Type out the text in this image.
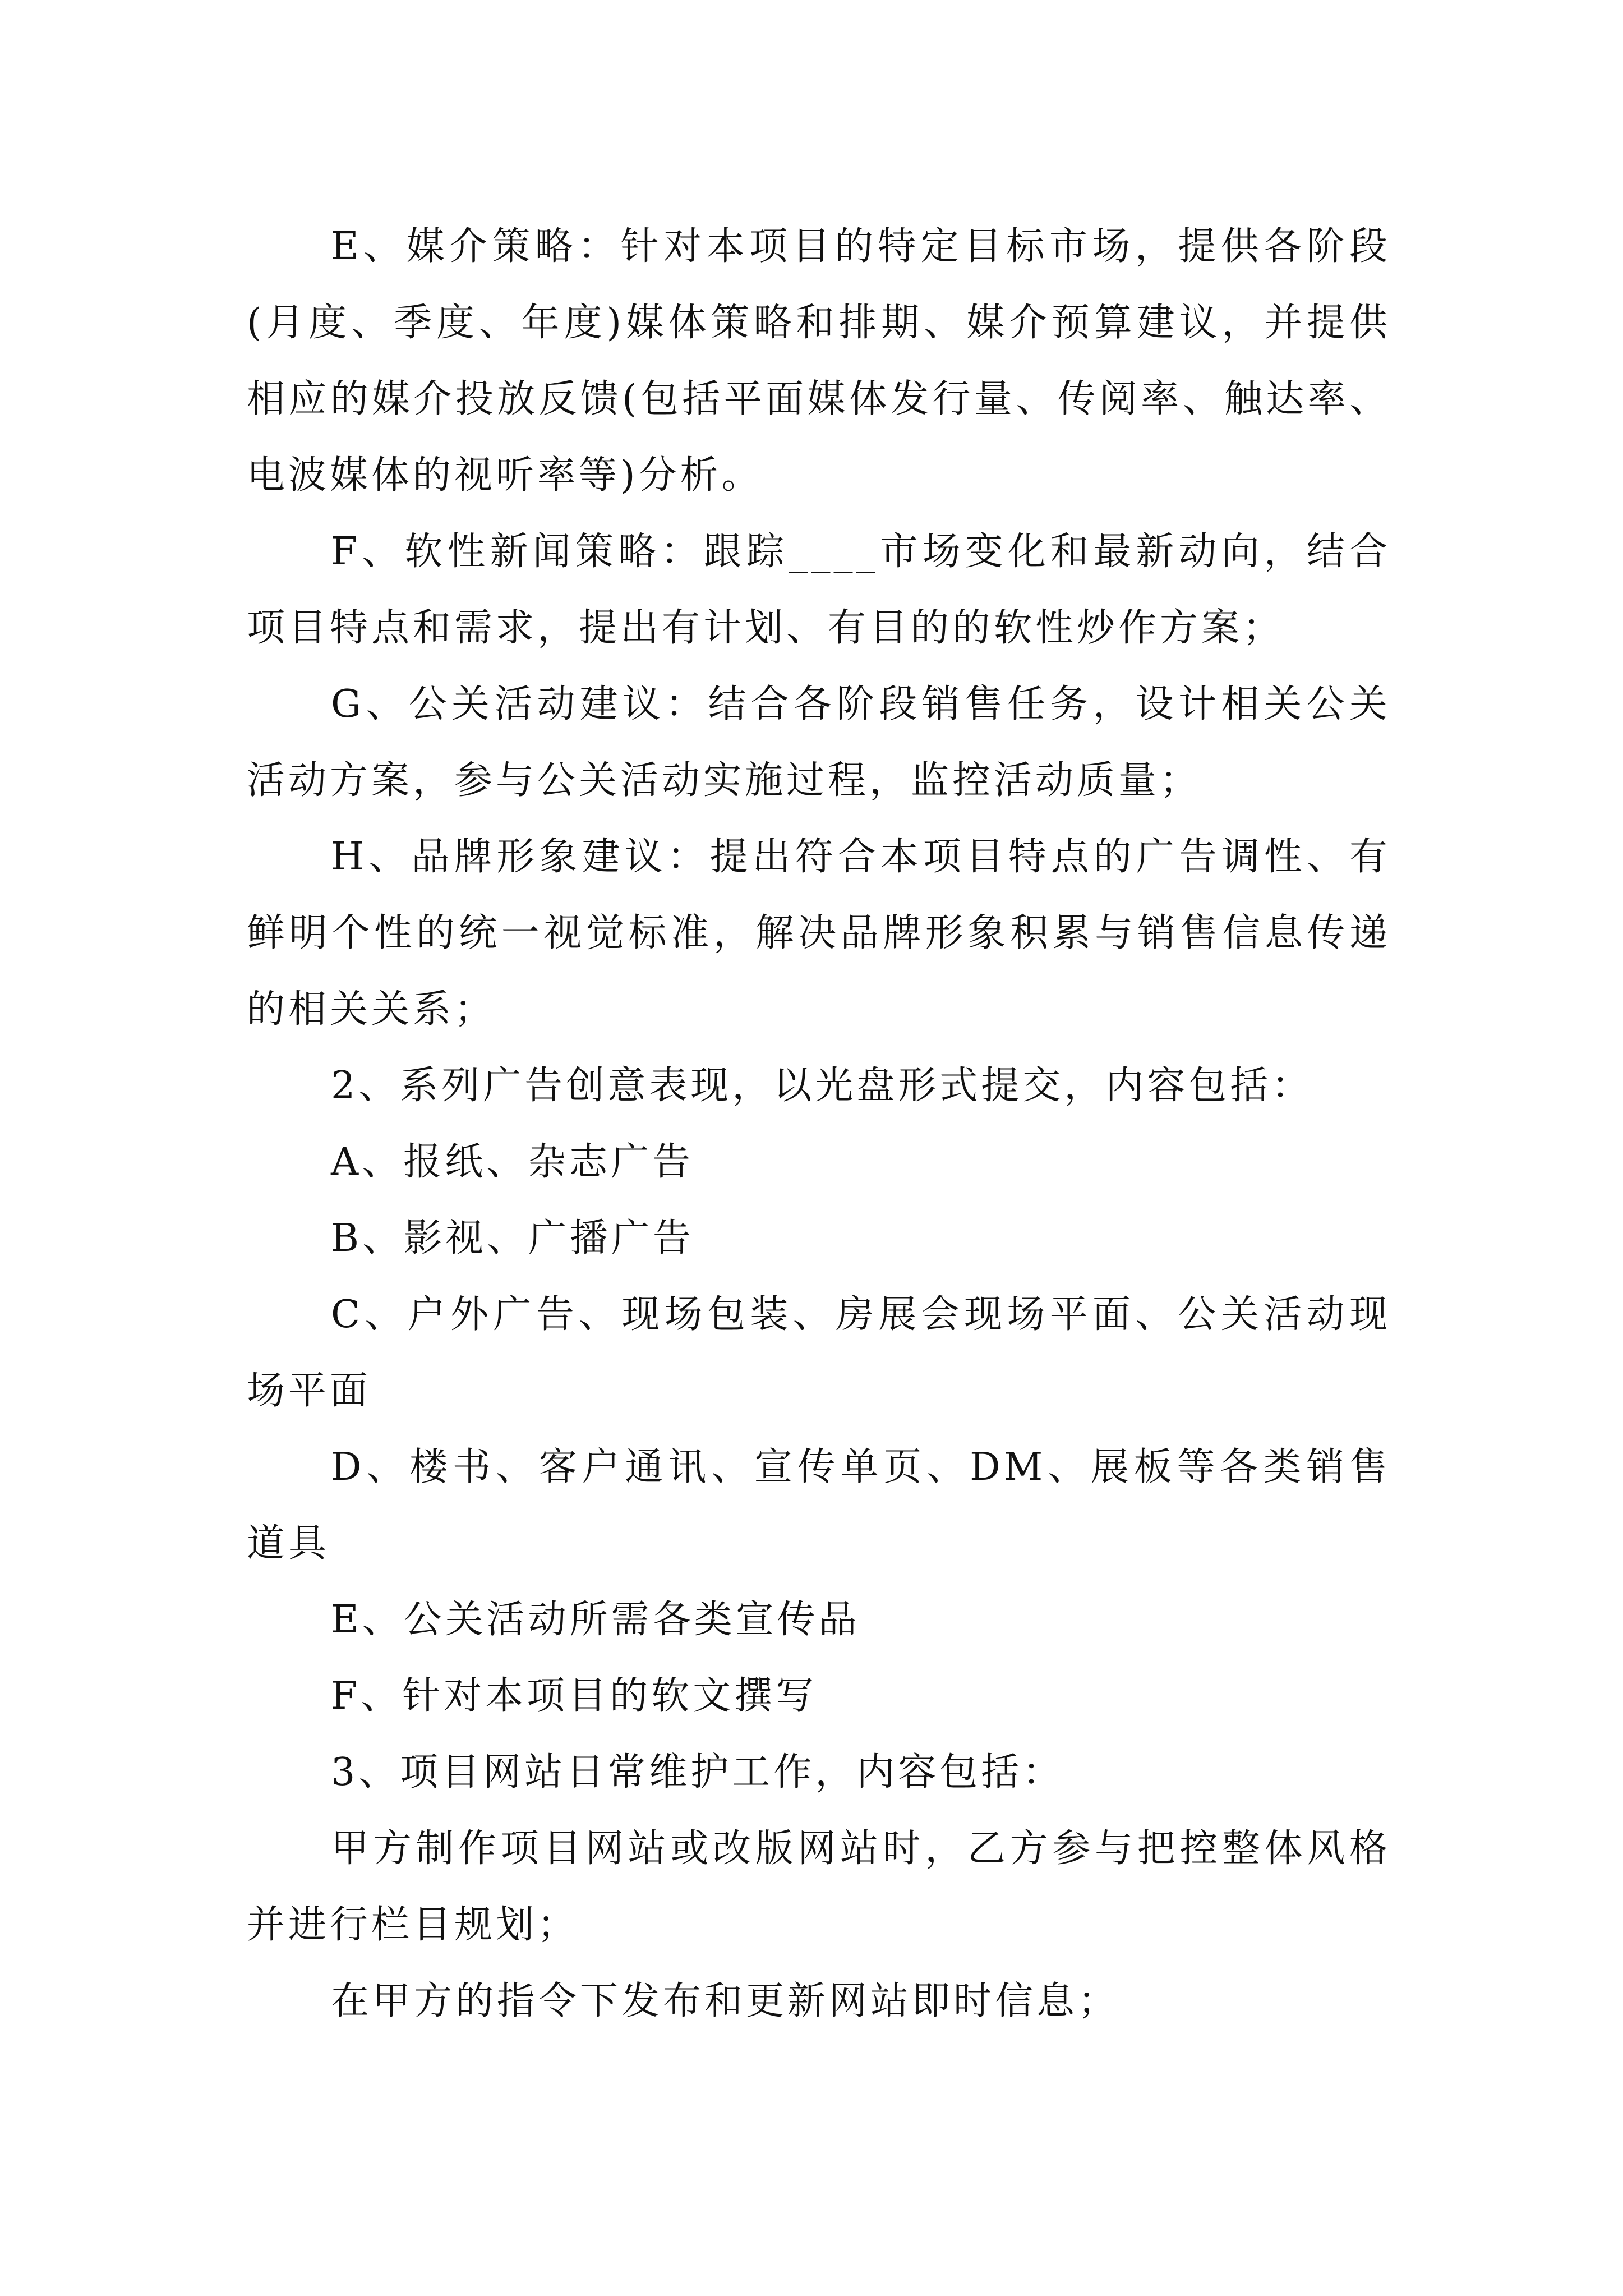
E、媒介策略：针对本项目的特定目标市场，提供各阶段(月度、季度、年度)媒体策略和排期、媒介预算建议，并提供相应的媒介投放反馈(包括平面媒体发行量、传阅率、触达率、电波媒体的视听率等)分析。

F、软性新闻策略：跟踪____市场变化和最新动向，结合项目特点和需求，提出有计划、有目的的软性炒作方案；

G、公关活动建议：结合各阶段销售任务，设计相关公关活动方案，参与公关活动实施过程，监控活动质量；

H、品牌形象建议：提出符合本项目特点的广告调性、有鲜明个性的统一视觉标准，解决品牌形象积累与销售信息传递的相关关系；

2、系列广告创意表现，以光盘形式提交，内容包括：

A、报纸、杂志广告

B、影视、广播广告

C、户外广告、现场包装、房展会现场平面、公关活动现场平面

D、楼书、客户通讯、宣传单页、DM、展板等各类销售道具

E、公关活动所需各类宣传品

F、针对本项目的软文撰写

3、项目网站日常维护工作，内容包括：

甲方制作项目网站或改版网站时，乙方参与把控整体风格并进行栏目规划；

在甲方的指令下发布和更新网站即时信息；
